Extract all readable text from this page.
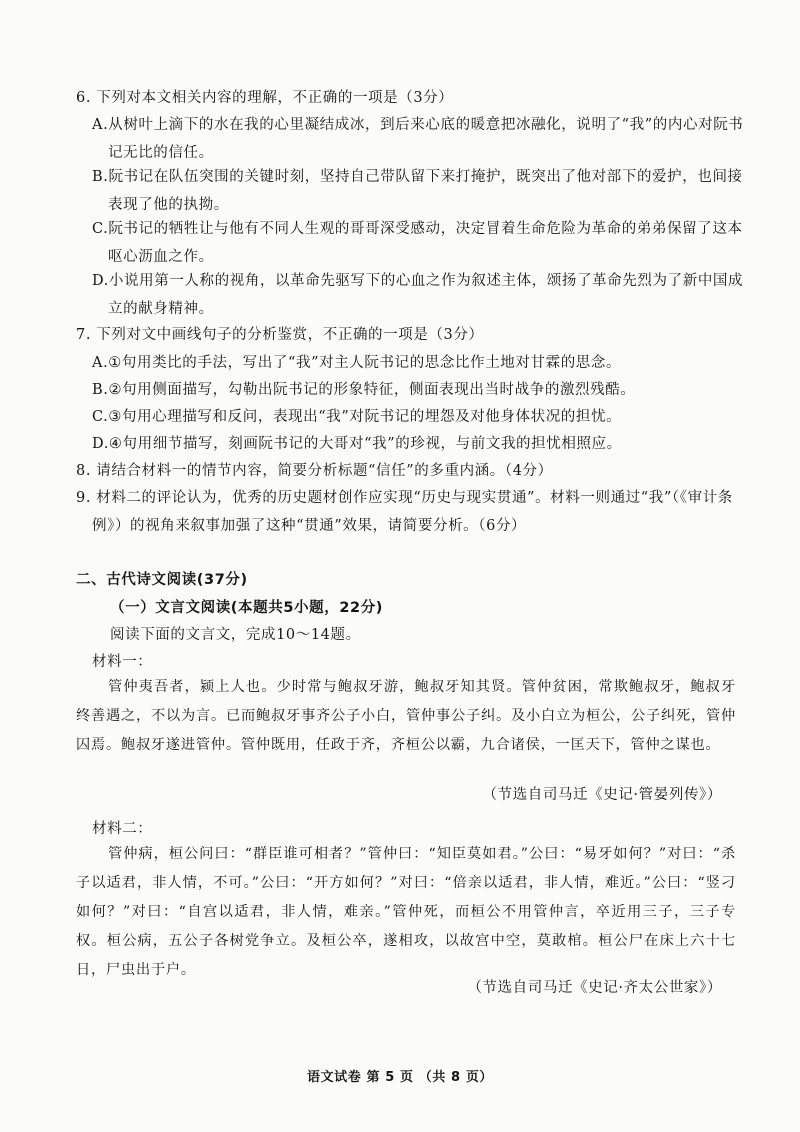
6. 下列对本文相关内容的理解，不正确的一项是（3分）
A.从树叶上滴下的水在我的心里凝结成冰，到后来心底的暖意把冰融化，说明了“我”的内心对阮书记无比的信任。
B.阮书记在队伍突围的关键时刻，坚持自己带队留下来打掩护，既突出了他对部下的爱护，也间接表现了他的执拗。
C.阮书记的牺牲让与他有不同人生观的哥哥深受感动，决定冒着生命危险为革命的弟弟保留了这本呕心沥血之作。
D.小说用第一人称的视角，以革命先驱写下的心血之作为叙述主体，颂扬了革命先烈为了新中国成立的献身精神。
7. 下列对文中画线句子的分析鉴赏，不正确的一项是（3分）
A.①句用类比的手法，写出了“我”对主人阮书记的思念比作土地对甘霖的思念。
B.②句用侧面描写，勾勒出阮书记的形象特征，侧面表现出当时战争的激烈残酷。
C.③句用心理描写和反问，表现出“我”对阮书记的埋怨及对他身体状况的担忧。
D.④句用细节描写，刻画阮书记的大哥对“我”的珍视，与前文我的担忧相照应。
8. 请结合材料一的情节内容，简要分析标题“信任”的多重内涵。（4分）
9. 材料二的评论认为，优秀的历史题材创作应实现“历史与现实贯通”。材料一则通过“我”（《审计条例》）的视角来叙事加强了这种“贯通”效果，请简要分析。（6分）
二、古代诗文阅读(37分)
（一）文言文阅读(本题共5小题，22分)
阅读下面的文言文，完成10～14题。
材料一：
管仲夷吾者，颍上人也。少时常与鲍叔牙游，鲍叔牙知其贤。管仲贫困，常欺鲍叔牙，鲍叔牙终善遇之，不以为言。已而鲍叔牙事齐公子小白，管仲事公子纠。及小白立为桓公，公子纠死，管仲囚焉。鲍叔牙遂进管仲。管仲既用，任政于齐，齐桓公以霸，九合诸侯，一匡天下，管仲之谋也。
（节选自司马迁《史记·管晏列传》）
材料二：
管仲病，桓公问曰：“群臣谁可相者？”管仲曰：“知臣莫如君。”公曰：“易牙如何？”对曰：“杀子以适君，非人情，不可。”公曰：“开方如何？”对曰：“倍亲以适君，非人情，难近。”公曰：“竖刁如何？”对曰：“自宫以适君，非人情，难亲。”管仲死，而桓公不用管仲言，卒近用三子，三子专权。桓公病，五公子各树党争立。及桓公卒，遂相攻，以故宫中空，莫敢棺。桓公尸在床上六十七日，尸虫出于户。
（节选自司马迁《史记·齐太公世家》）
语文试卷 第 5 页 （共 8 页）
